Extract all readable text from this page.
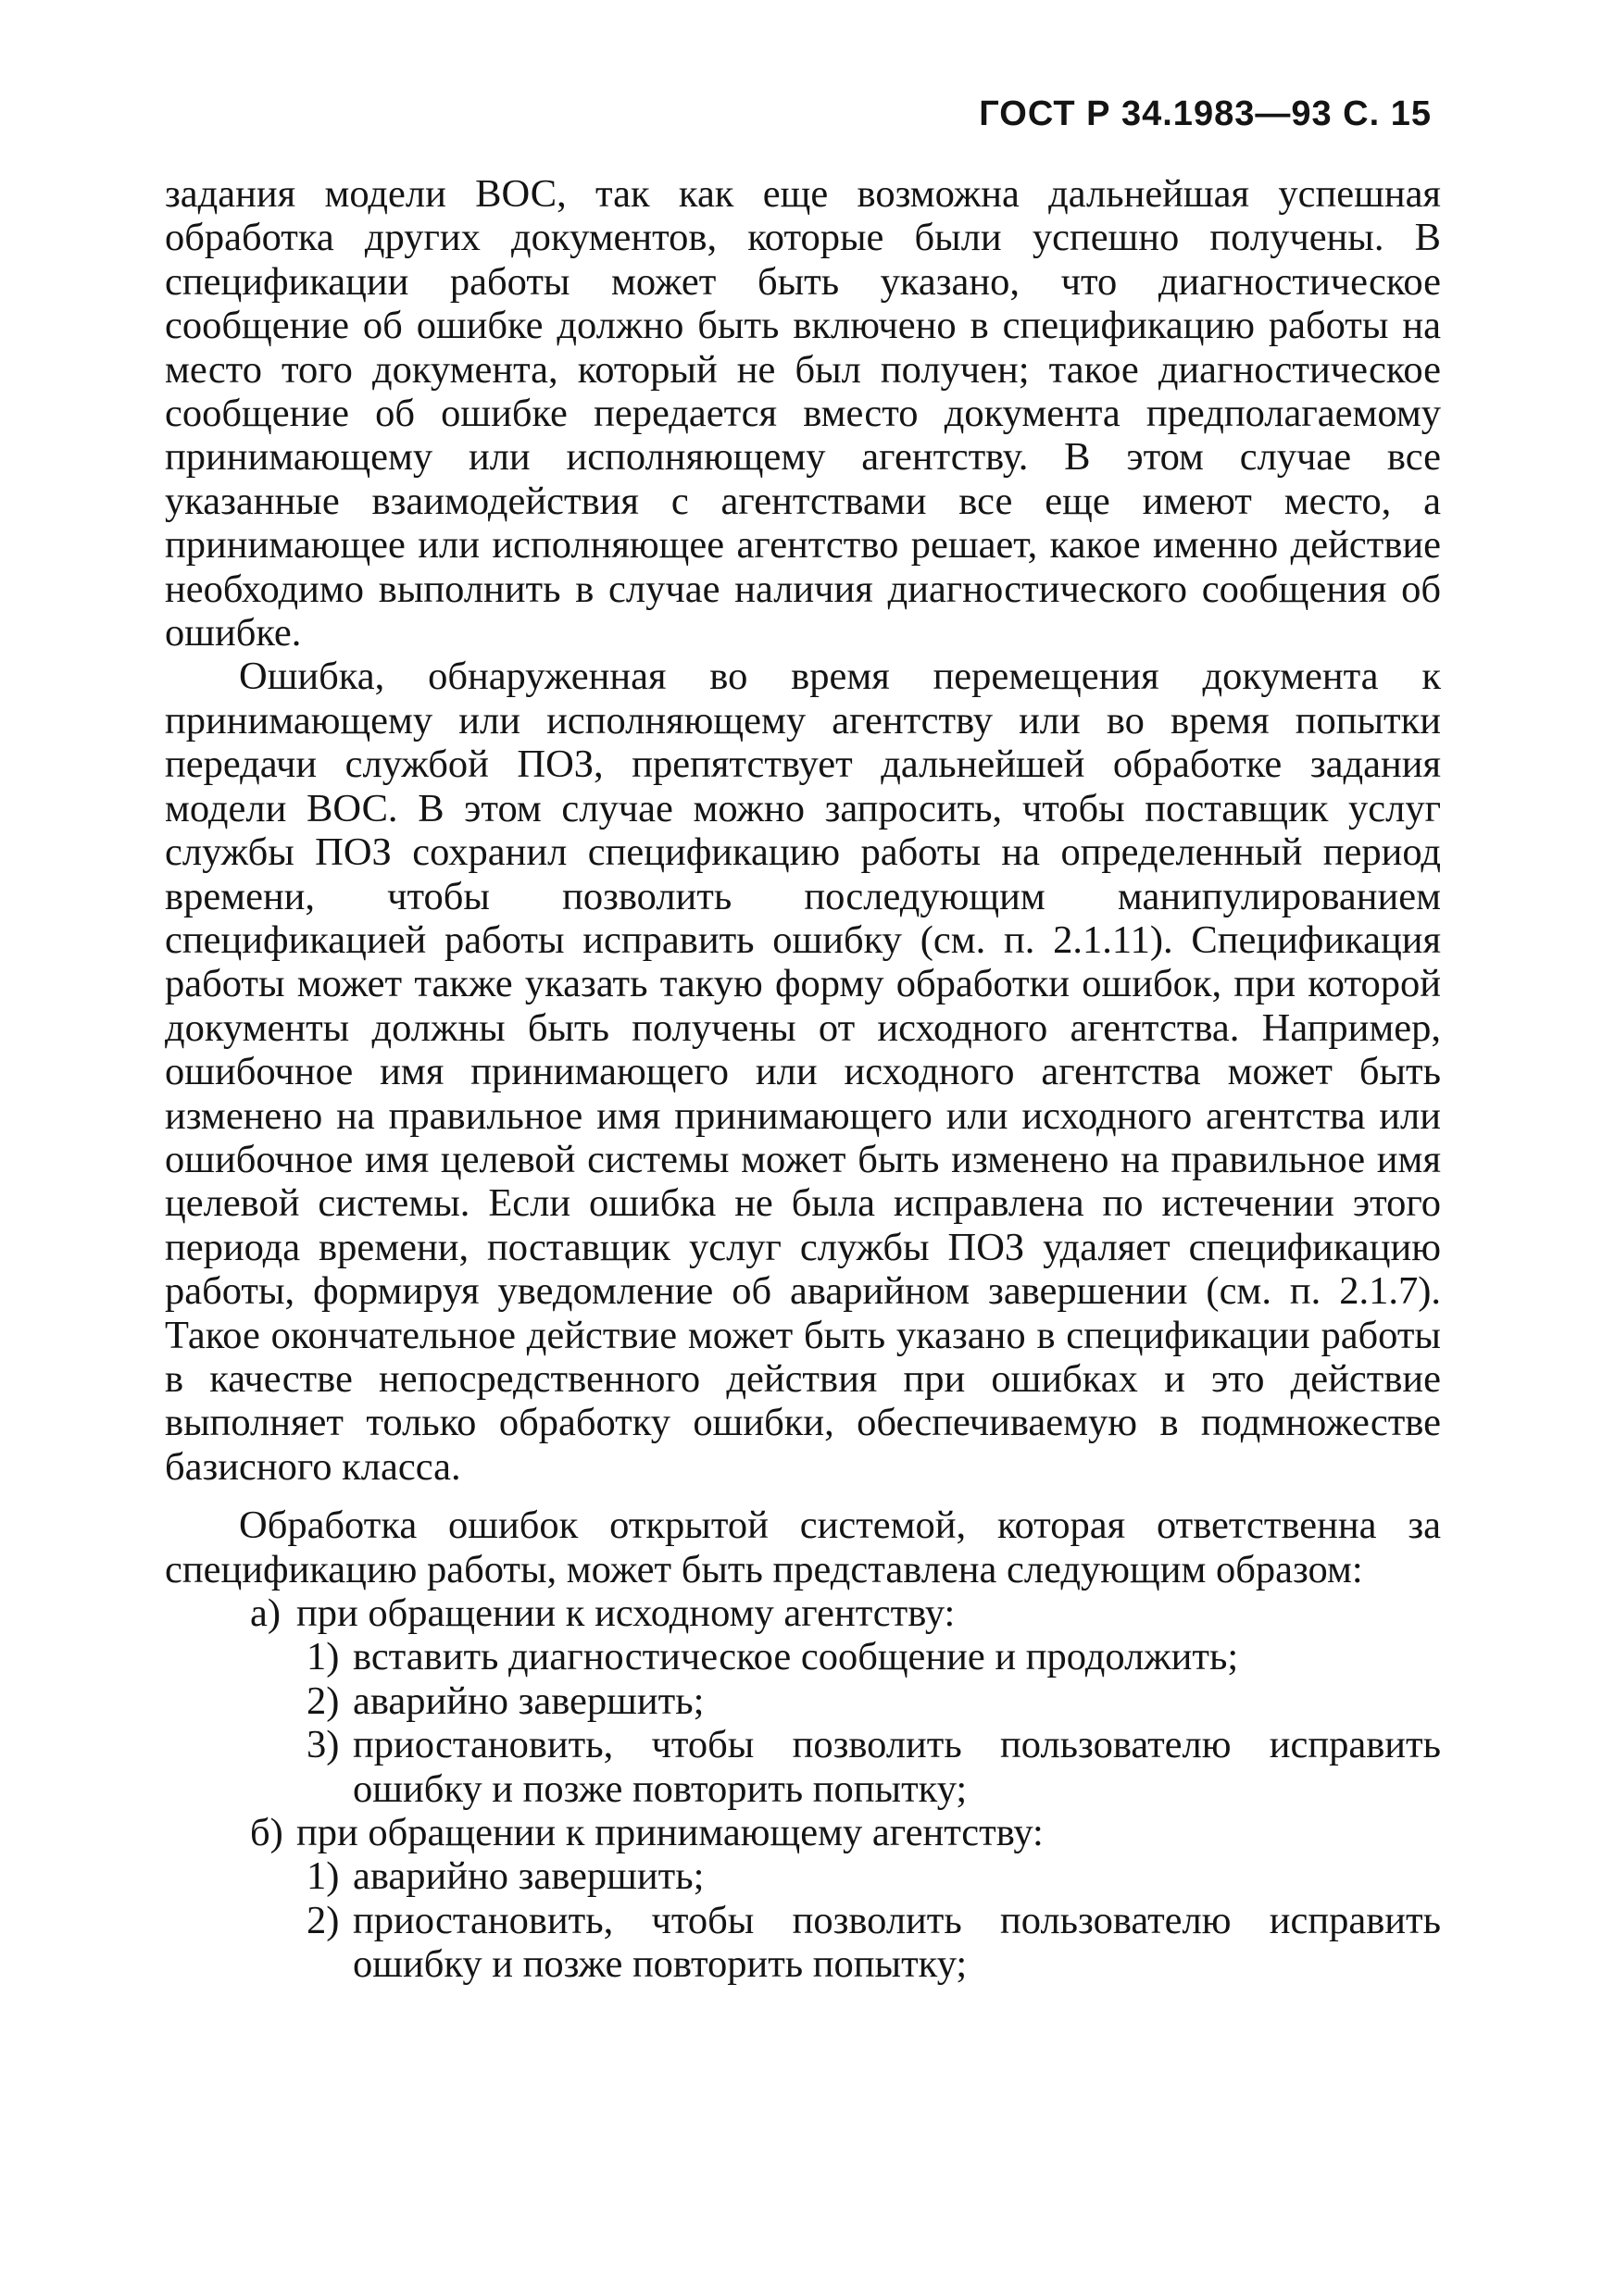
ГОСТ Р 34.1983—93 С. 15

задания модели ВОС, так как еще возможна дальнейшая успешная обработка других документов, которые были успешно получены. В спецификации работы может быть указано, что диагностическое сообщение об ошибке должно быть включено в спецификацию работы на место того документа, который не был получен; такое диагностическое сообщение об ошибке передается вместо документа предполагаемому принимающему или исполняющему агентству. В этом случае все указанные взаимодействия с агентствами все еще имеют место, а принимающее или исполняющее агентство решает, какое именно действие необходимо выполнить в случае наличия диагностического сообщения об ошибке.

Ошибка, обнаруженная во время перемещения документа к принимающему или исполняющему агентству или во время попытки передачи службой ПОЗ, препятствует дальнейшей обработке задания модели ВОС. В этом случае можно запросить, чтобы поставщик услуг службы ПОЗ сохранил спецификацию работы на определенный период времени, чтобы позволить последующим манипулированием спецификацией работы исправить ошибку (см. п. 2.1.11). Спецификация работы может также указать такую форму обработки ошибок, при которой документы должны быть получены от исходного агентства. Например, ошибочное имя принимающего или исходного агентства может быть изменено на правильное имя принимающего или исходного агентства или ошибочное имя целевой системы может быть изменено на правильное имя целевой системы. Если ошибка не была исправлена по истечении этого периода времени, поставщик услуг службы ПОЗ удаляет спецификацию работы, формируя уведомление об аварийном завершении (см. п. 2.1.7). Такое окончательное действие может быть указано в спецификации работы в качестве непосредственного действия при ошибках и это действие выполняет только обработку ошибки, обеспечиваемую в подмножестве базисного класса.

Обработка ошибок открытой системой, которая ответственна за спецификацию работы, может быть представлена следующим образом:

а) при обращении к исходному агентству:

1) вставить диагностическое сообщение и продолжить;

2) аварийно завершить;

3) приостановить, чтобы позволить пользователю исправить ошибку и позже повторить попытку;

б) при обращении к принимающему агентству:

1) аварийно завершить;

2) приостановить, чтобы позволить пользователю исправить ошибку и позже повторить попытку;
